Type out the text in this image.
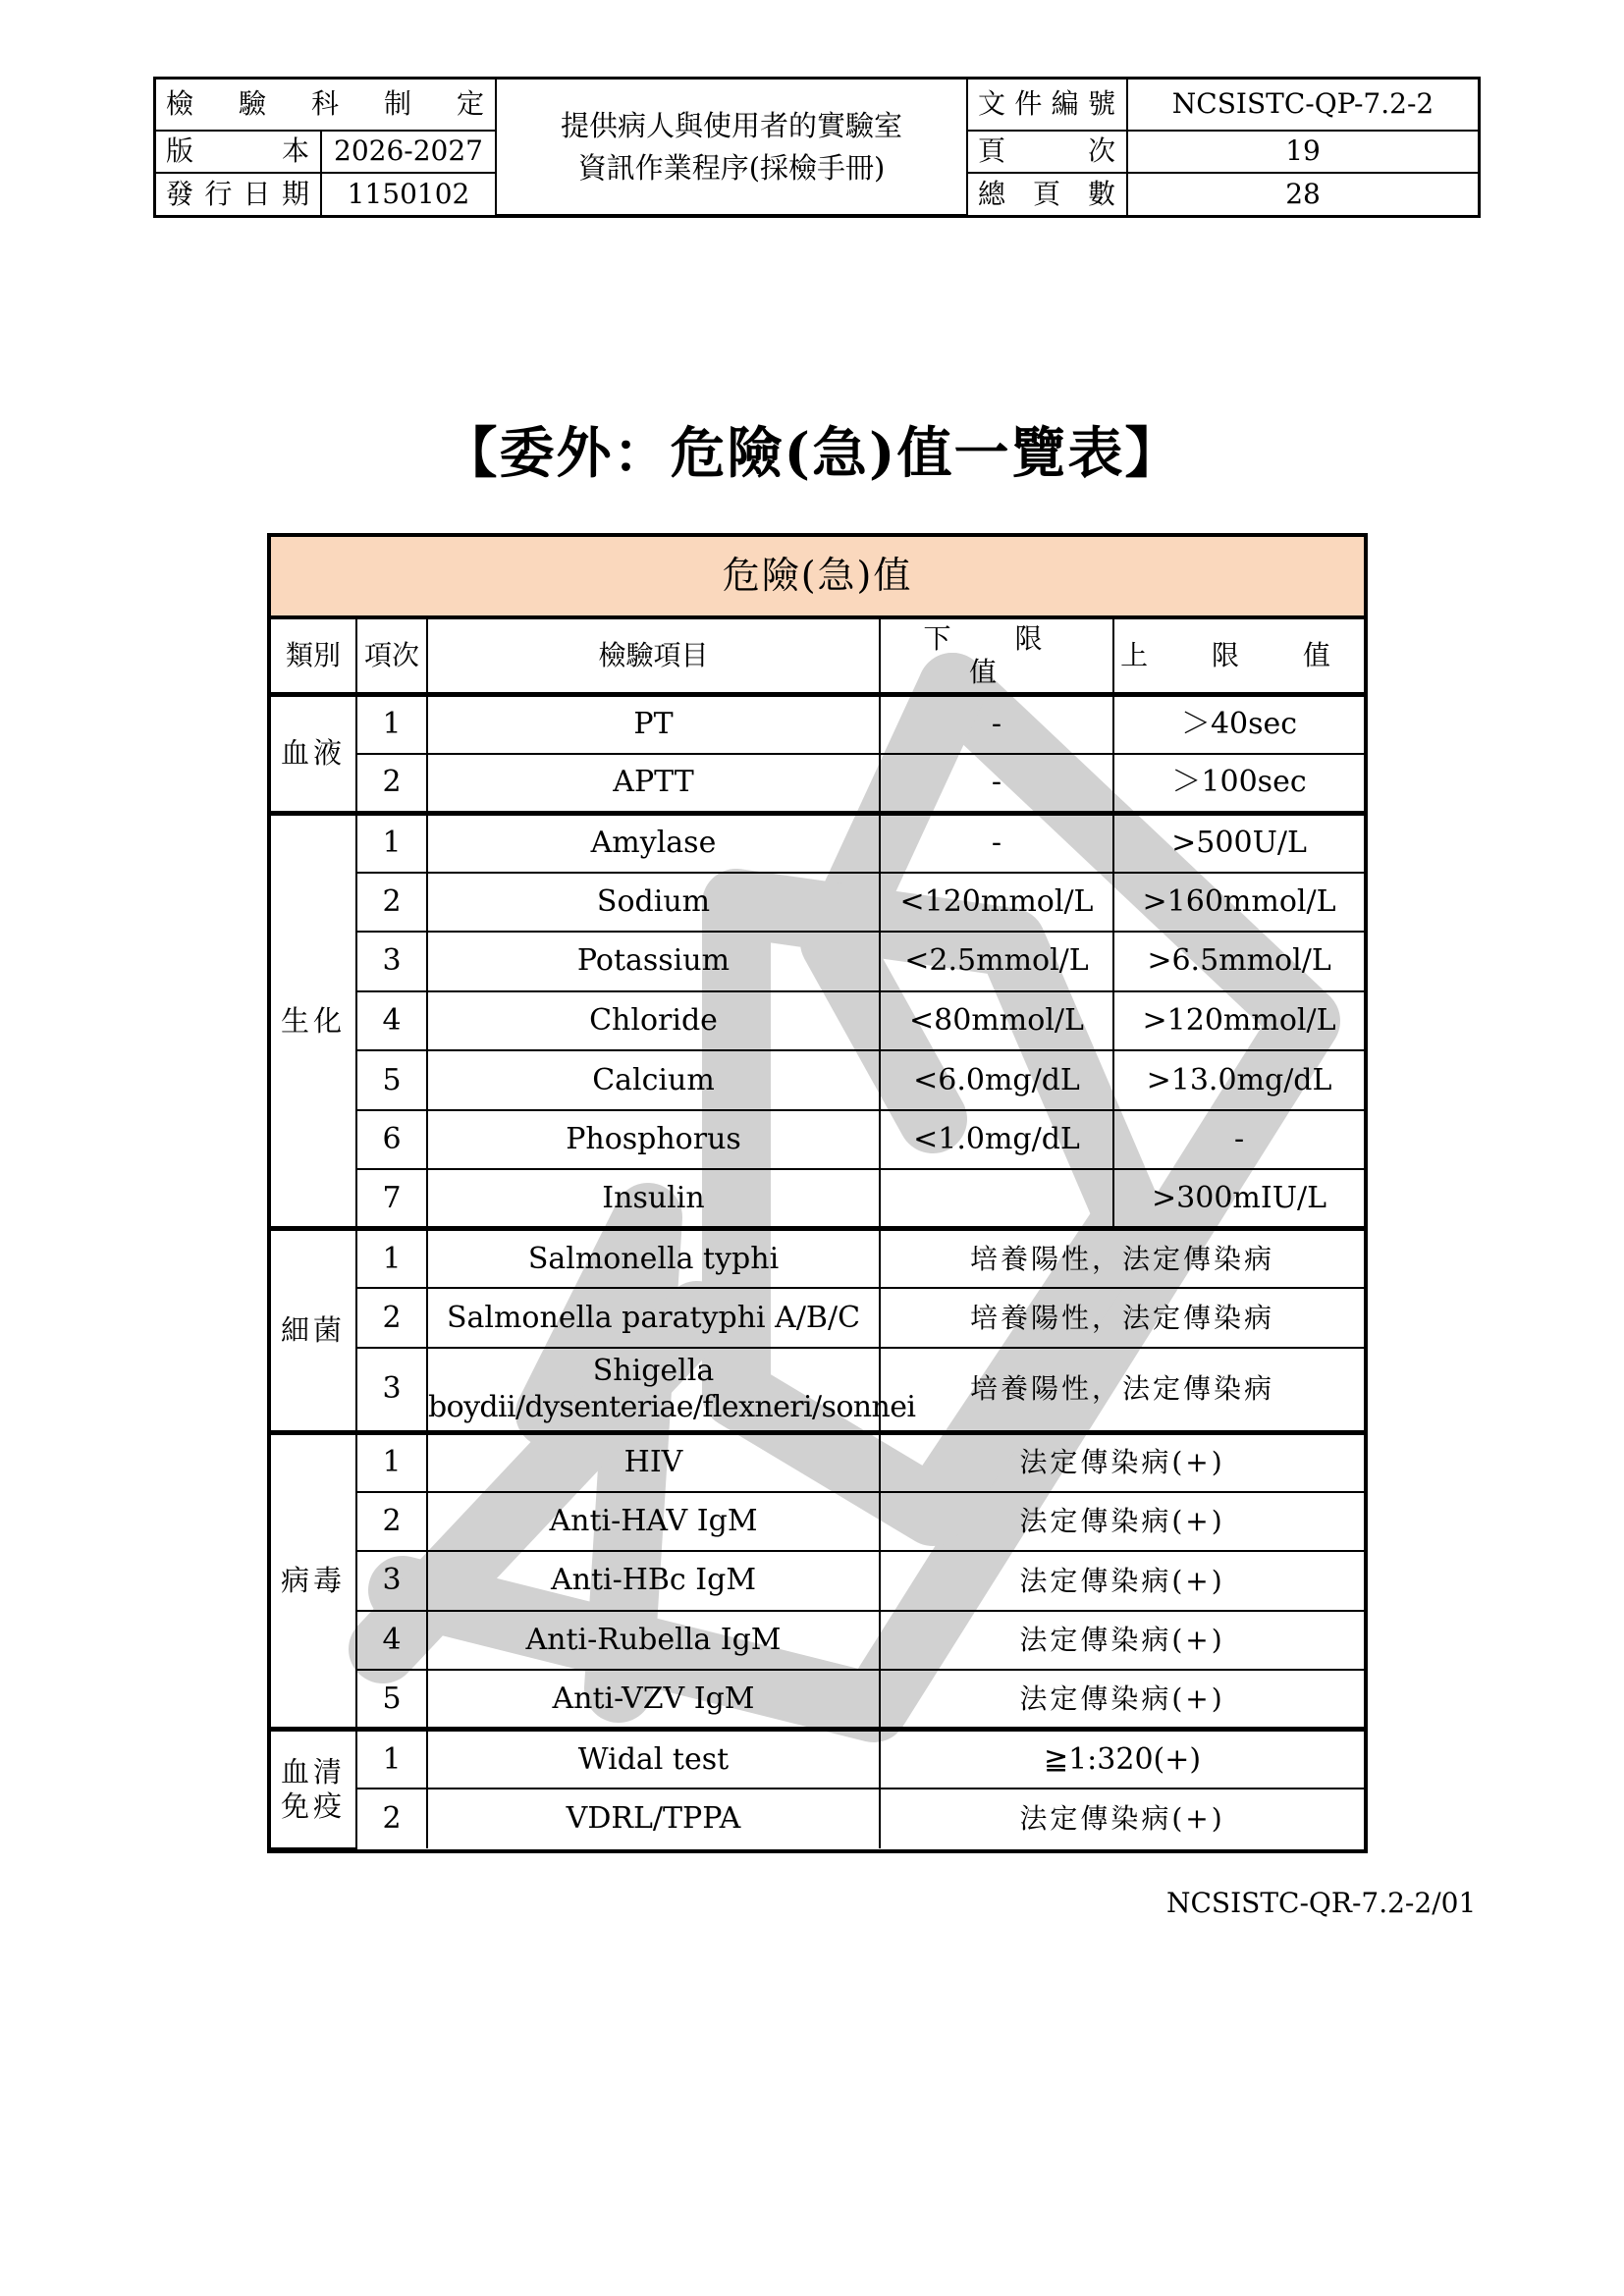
檢　驗　科　制　定		提供病人與使用者的實驗室
資訊作業程序(採檢手冊)	文件編號	NCSISTC-QP-7.2-2
版　　　本	2026-2027		頁　　次	19
發行日期	1150102		總 頁 數	28
【委外：危險(急)值一覽表】
危險(急)值				
類別	項次	檢驗項目	下 限 值	上 限 值
血液	1	PT	-	＞40sec
	2	APTT	-	＞100sec
生化	1	Amylase	-	>500U/L
	2	Sodium	<120mmol/L	>160mmol/L
	3	Potassium	<2.5mmol/L	>6.5mmol/L
	4	Chloride	<80mmol/L	>120mmol/L
	5	Calcium	<6.0mg/dL	>13.0mg/dL
	6	Phosphorus	<1.0mg/dL	-
	7	Insulin		>300mIU/L
細菌	1	Salmonella typhi	培養陽性，法定傳染病	
	2	Salmonella paratyphi A/B/C	培養陽性，法定傳染病	
	3	Shigella
boydii/dysenteriae/flexneri/sonnei	培養陽性，法定傳染病	
病毒	1	HIV	法定傳染病(+)	
	2	Anti-HAV IgM	法定傳染病(+)	
	3	Anti-HBc IgM	法定傳染病(+)	
	4	Anti-Rubella IgM	法定傳染病(+)	
	5	Anti-VZV IgM	法定傳染病(+)	
血清
免疫	1	Widal test	≧1:320(+)	
	2	VDRL/TPPA	法定傳染病(+)	
NCSISTC-QR-7.2-2/01
